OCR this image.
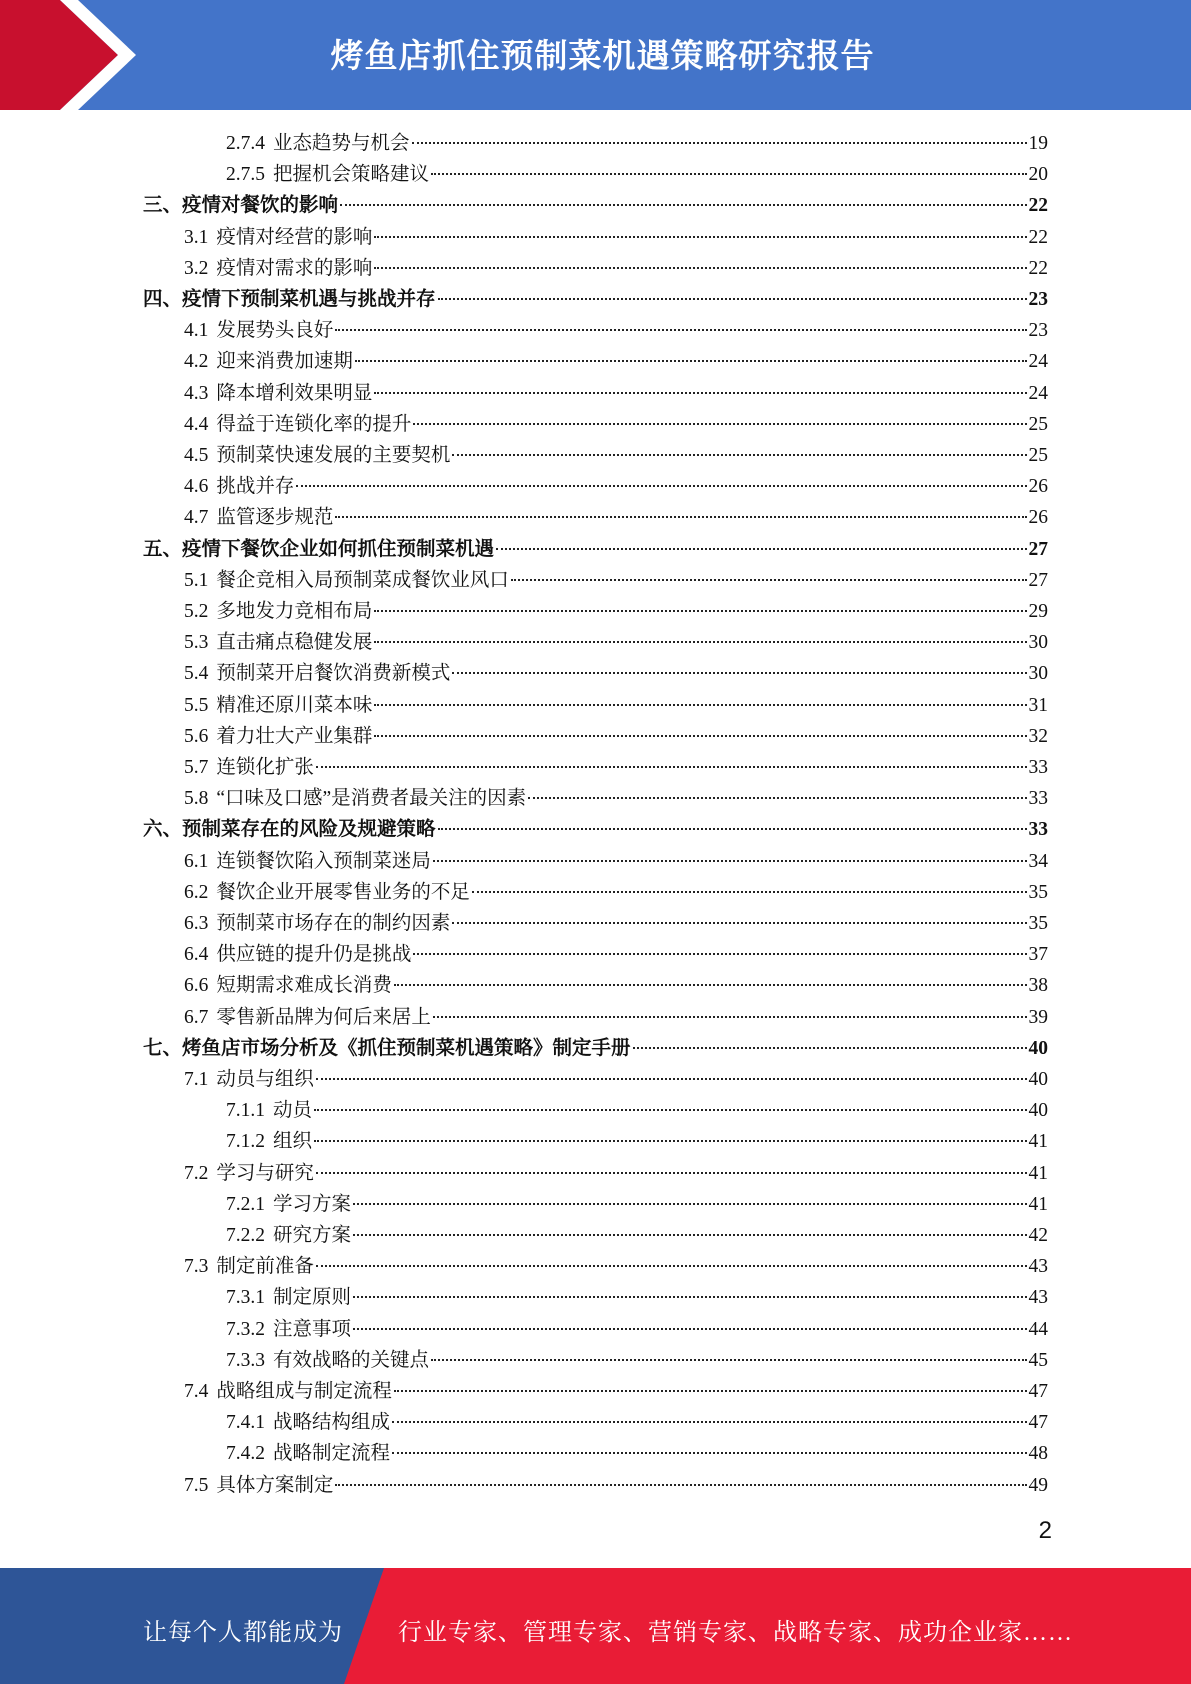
烤鱼店抓住预制菜机遇策略研究报告
2.7.4 业态趋势与机会	19
2.7.5 把握机会策略建议	20
三、 疫情对餐饮的影响	22
3.1 疫情对经营的影响	22
3.2 疫情对需求的影响	22
四、 疫情下预制菜机遇与挑战并存	23
4.1 发展势头良好	23
4.2 迎来消费加速期	24
4.3 降本增利效果明显	24
4.4 得益于连锁化率的提升	25
4.5 预制菜快速发展的主要契机	25
4.6 挑战并存	26
4.7 监管逐步规范	26
五、 疫情下餐饮企业如何抓住预制菜机遇	27
5.1 餐企竞相入局预制菜成餐饮业风口	27
5.2 多地发力竞相布局	29
5.3 直击痛点稳健发展	30
5.4 预制菜开启餐饮消费新模式	30
5.5 精准还原川菜本味	31
5.6 着力壮大产业集群	32
5.7 连锁化扩张	33
5.8 “口味及口感”是消费者最关注的因素	33
六、 预制菜存在的风险及规避策略	33
6.1 连锁餐饮陷入预制菜迷局	34
6.2 餐饮企业开展零售业务的不足	35
6.3 预制菜市场存在的制约因素	35
6.4 供应链的提升仍是挑战	37
6.6 短期需求难成长消费	38
6.7 零售新品牌为何后来居上	39
七、 烤鱼店市场分析及《抓住预制菜机遇策略》制定手册	40
7.1 动员与组织	40
7.1.1 动员	40
7.1.2 组织	41
7.2 学习与研究	41
7.2.1 学习方案	41
7.2.2 研究方案	42
7.3 制定前准备	43
7.3.1 制定原则	43
7.3.2 注意事项	44
7.3.3 有效战略的关键点	45
7.4 战略组成与制定流程	47
7.4.1 战略结构组成	47
7.4.2 战略制定流程	48
7.5 具体方案制定	49
2
让每个人都能成为 行业专家、管理专家、营销专家、战略专家、成功企业家……
